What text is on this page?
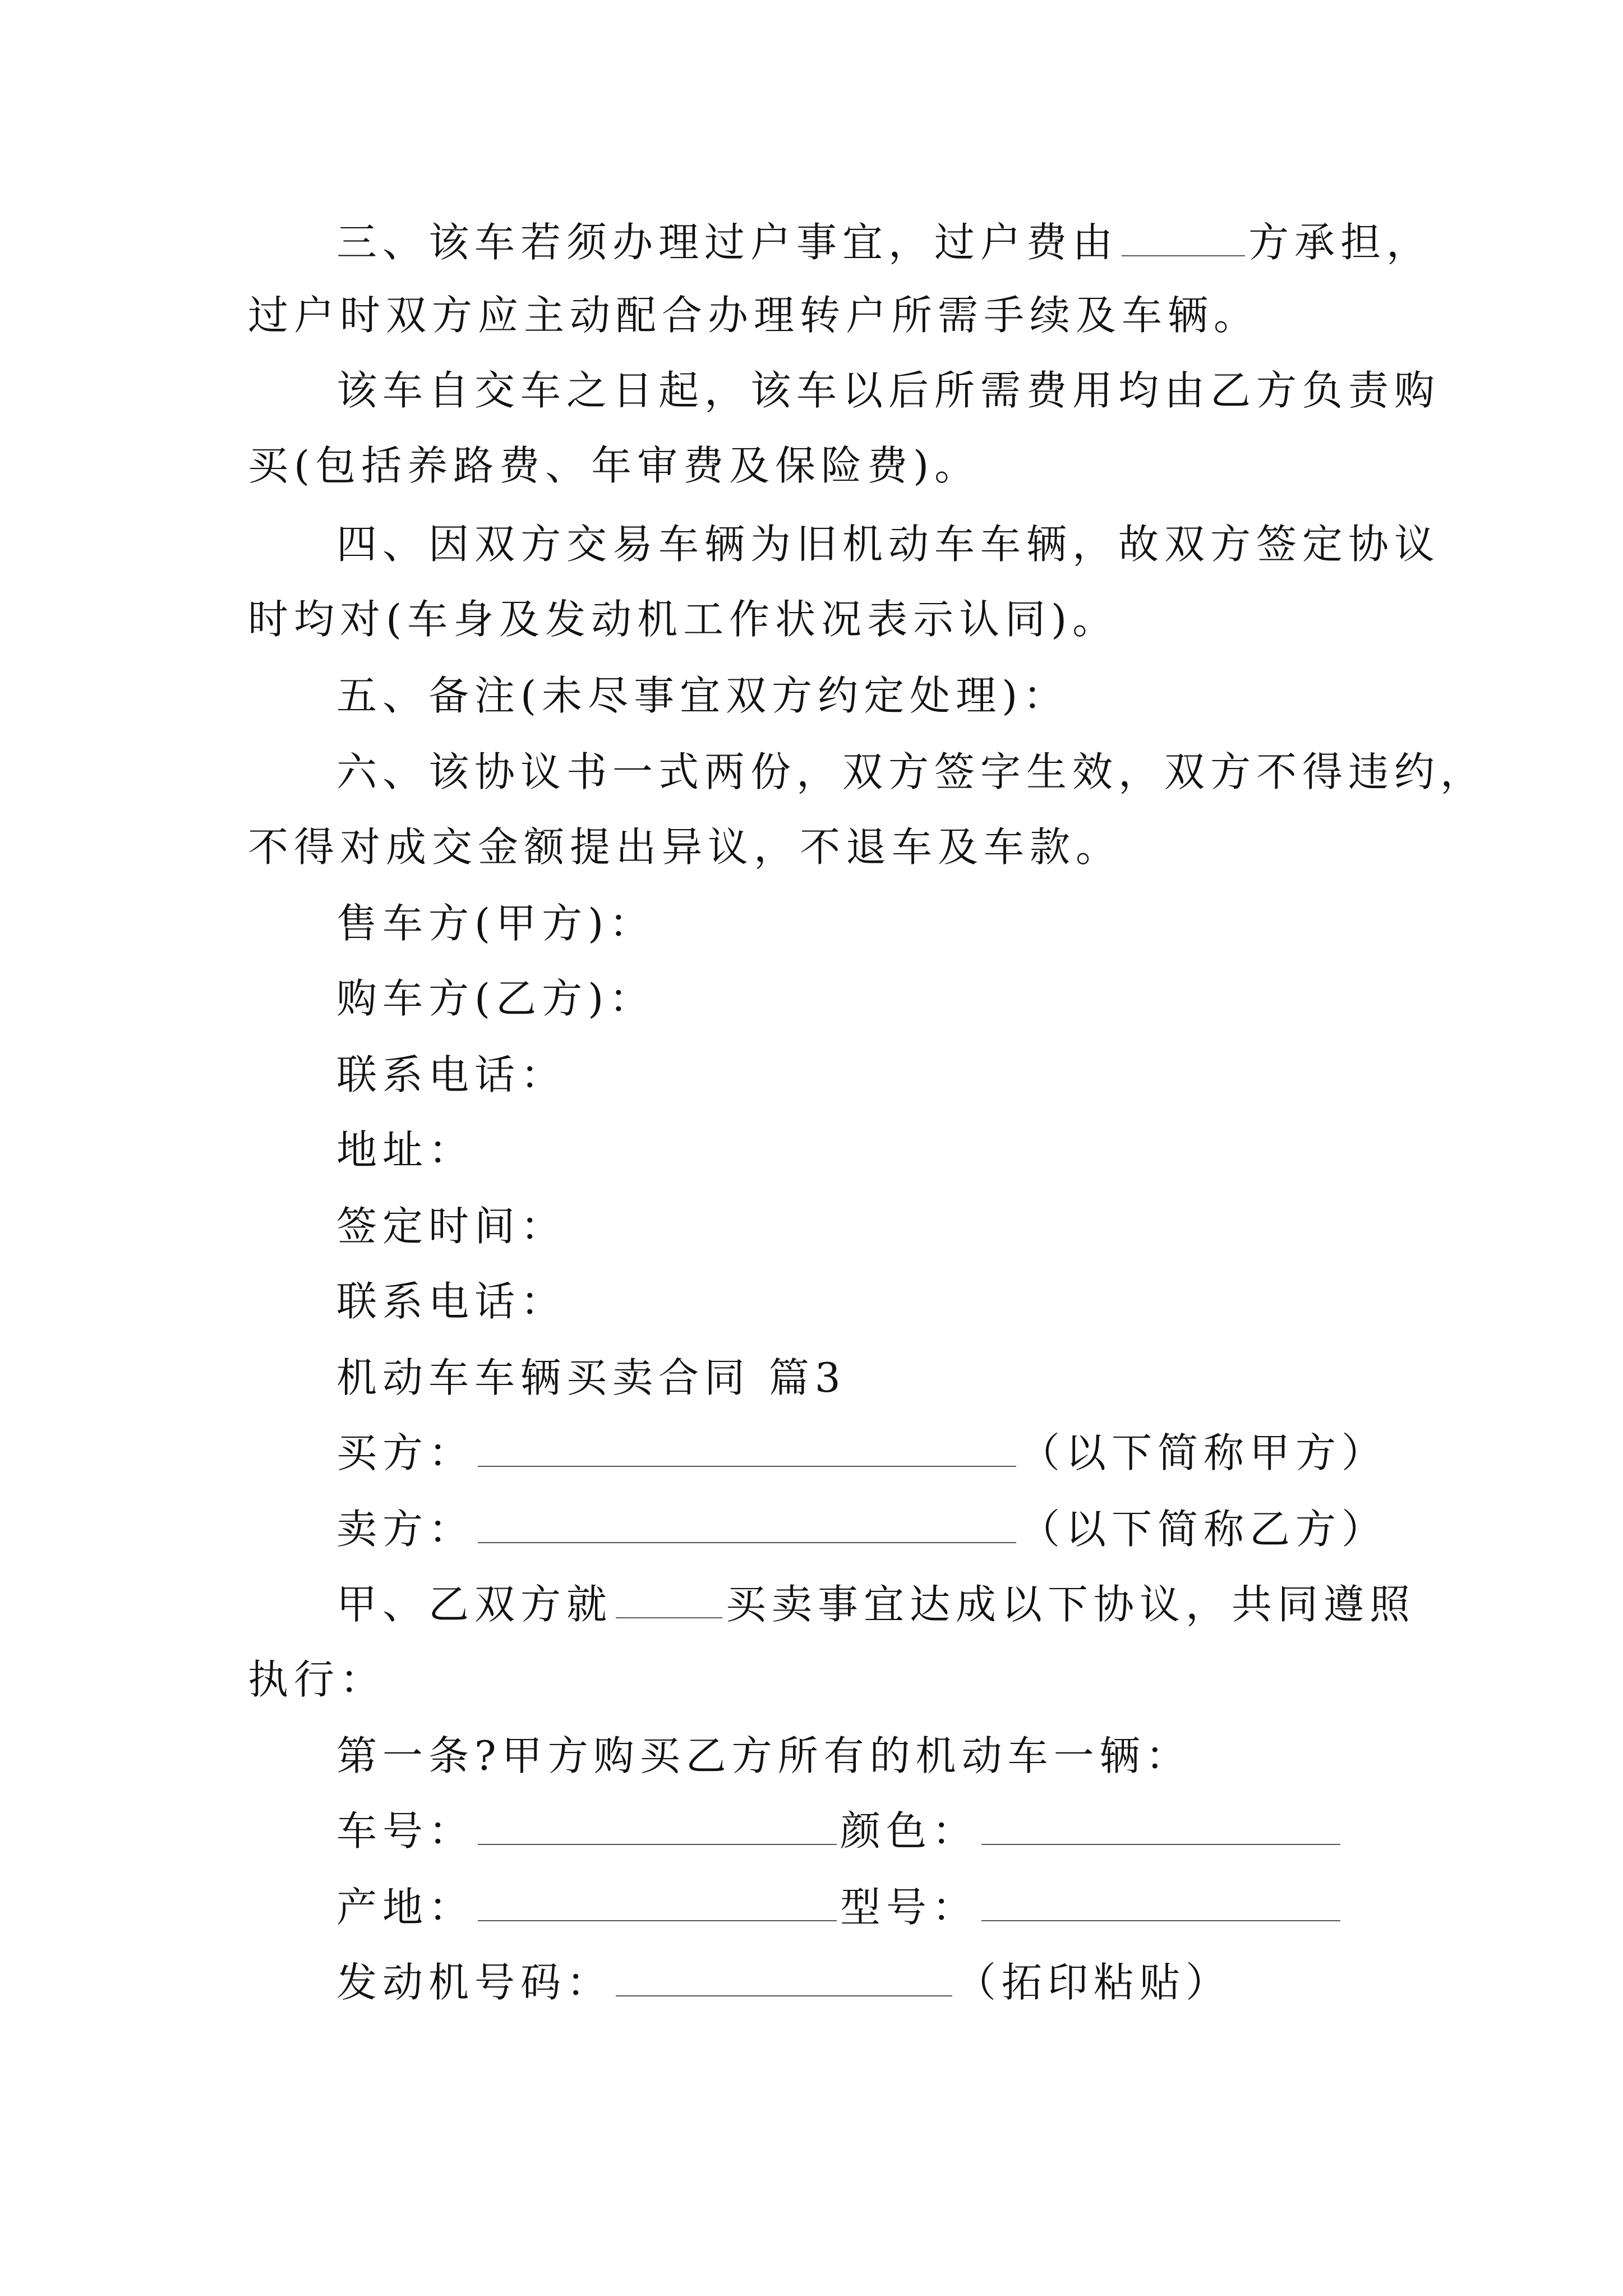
三、该车若须办理过户事宜，过户费由	方承担，
过户时双方应主动配合办理转户所需手续及车辆。
该车自交车之日起，该车以后所需费用均由乙方负责购
买(包括养路费、年审费及保险费)。
四、因双方交易车辆为旧机动车车辆，故双方签定协议
时均对(车身及发动机工作状况表示认同)。
五、备注(未尽事宜双方约定处理)：
六、该协议书一式两份，双方签字生效，双方不得违约，
不得对成交金额提出异议，不退车及车款。
售车方(甲方)：
购车方(乙方)：
联系电话：
地址：
签定时间：
联系电话：
机动车车辆买卖合同 篇3
买方：	（以下简称甲方）
卖方：	（以下简称乙方）
甲、乙双方就	买卖事宜达成以下协议，共同遵照
执行：
第一条?甲方购买乙方所有的机动车一辆：
车号：	颜色：
产地：	型号：
发动机号码：	（拓印粘贴）
